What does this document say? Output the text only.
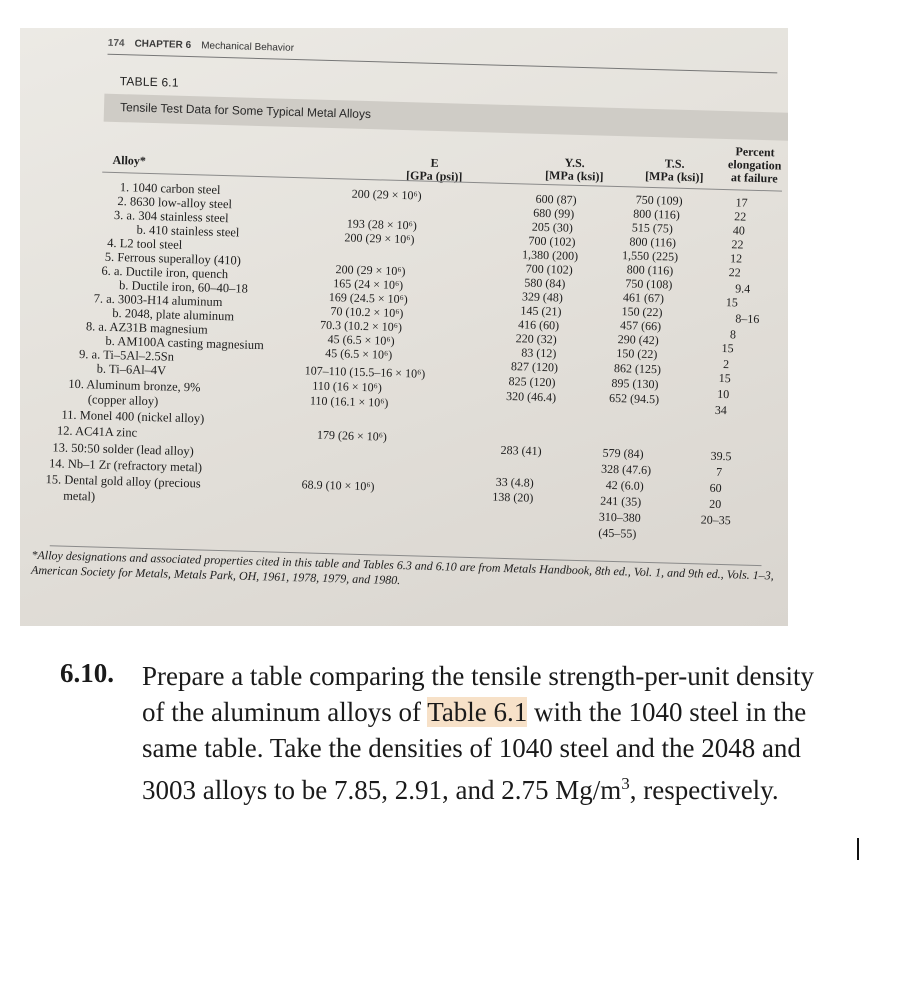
174 CHAPTER 6 Mechanical Behavior
TABLE 6.1
Tensile Test Data for Some Typical Metal Alloys
Alloy*	E
[GPa (psi)]
Y.S.
[MPa (ksi)]
T.S.
[MPa (ksi)]
Percent
elongation
at failure
1. 1040 carbon steel
2. 8630 low-alloy steel
3. a. 304 stainless steel
b. 410 stainless steel
4. L2 tool steel
5. Ferrous superalloy (410)
6. a. Ductile iron, quench
b. Ductile iron, 60–40–18
7. a. 3003-H14 aluminum
b. 2048, plate aluminum
8. a. AZ31B magnesium
b. AM100A casting magnesium
9. a. Ti–5Al–2.5Sn
b. Ti–6Al–4V
10. Aluminum bronze, 9%
(copper alloy)
11. Monel 400 (nickel alloy)
12. AC41A zinc
13. 50:50 solder (lead alloy)
14. Nb–1 Zr (refractory metal)
15. Dental gold alloy (precious
metal)
200 (29 × 10⁶)
193 (28 × 10⁶)
200 (29 × 10⁶)
200 (29 × 10⁶)
165 (24 × 10⁶)
169 (24.5 × 10⁶)
70 (10.2 × 10⁶)
70.3 (10.2 × 10⁶)
45 (6.5 × 10⁶)
45 (6.5 × 10⁶)
107–110 (15.5–16 × 10⁶)
110 (16 × 10⁶)
110 (16.1 × 10⁶)
179 (26 × 10⁶)
68.9 (10 × 10⁶)
600 (87)
680 (99)
205 (30)
700 (102)
1,380 (200)
700 (102)
580 (84)
329 (48)
145 (21)
416 (60)
220 (32)
83 (12)
827 (120)
825 (120)
320 (46.4)
283 (41)
33 (4.8)
138 (20)
750 (109)
800 (116)
515 (75)
800 (116)
1,550 (225)
800 (116)
750 (108)
461 (67)
150 (22)
457 (66)
290 (42)
150 (22)
862 (125)
895 (130)
652 (94.5)
579 (84)
328 (47.6)
42 (6.0)
241 (35)
310–380
(45–55)
17
22
40
22
12
22
9.4
15
8–16
8
15
2
15
10
34
39.5
7
60
20
20–35
*Alloy designations and associated properties cited in this table and Tables 6.3 and 6.10 are from Metals Handbook, 8th ed., Vol. 1, and 9th ed., Vols. 1–3, American Society for Metals, Metals Park, OH, 1961, 1978, 1979, and 1980.
6.10. Prepare a table comparing the tensile strength-per-unit density of the aluminum alloys of Table 6.1 with the 1040 steel in the same table. Take the densities of 1040 steel and the 2048 and 3003 alloys to be 7.85, 2.91, and 2.75 $Mg/m^3$, respectively.
